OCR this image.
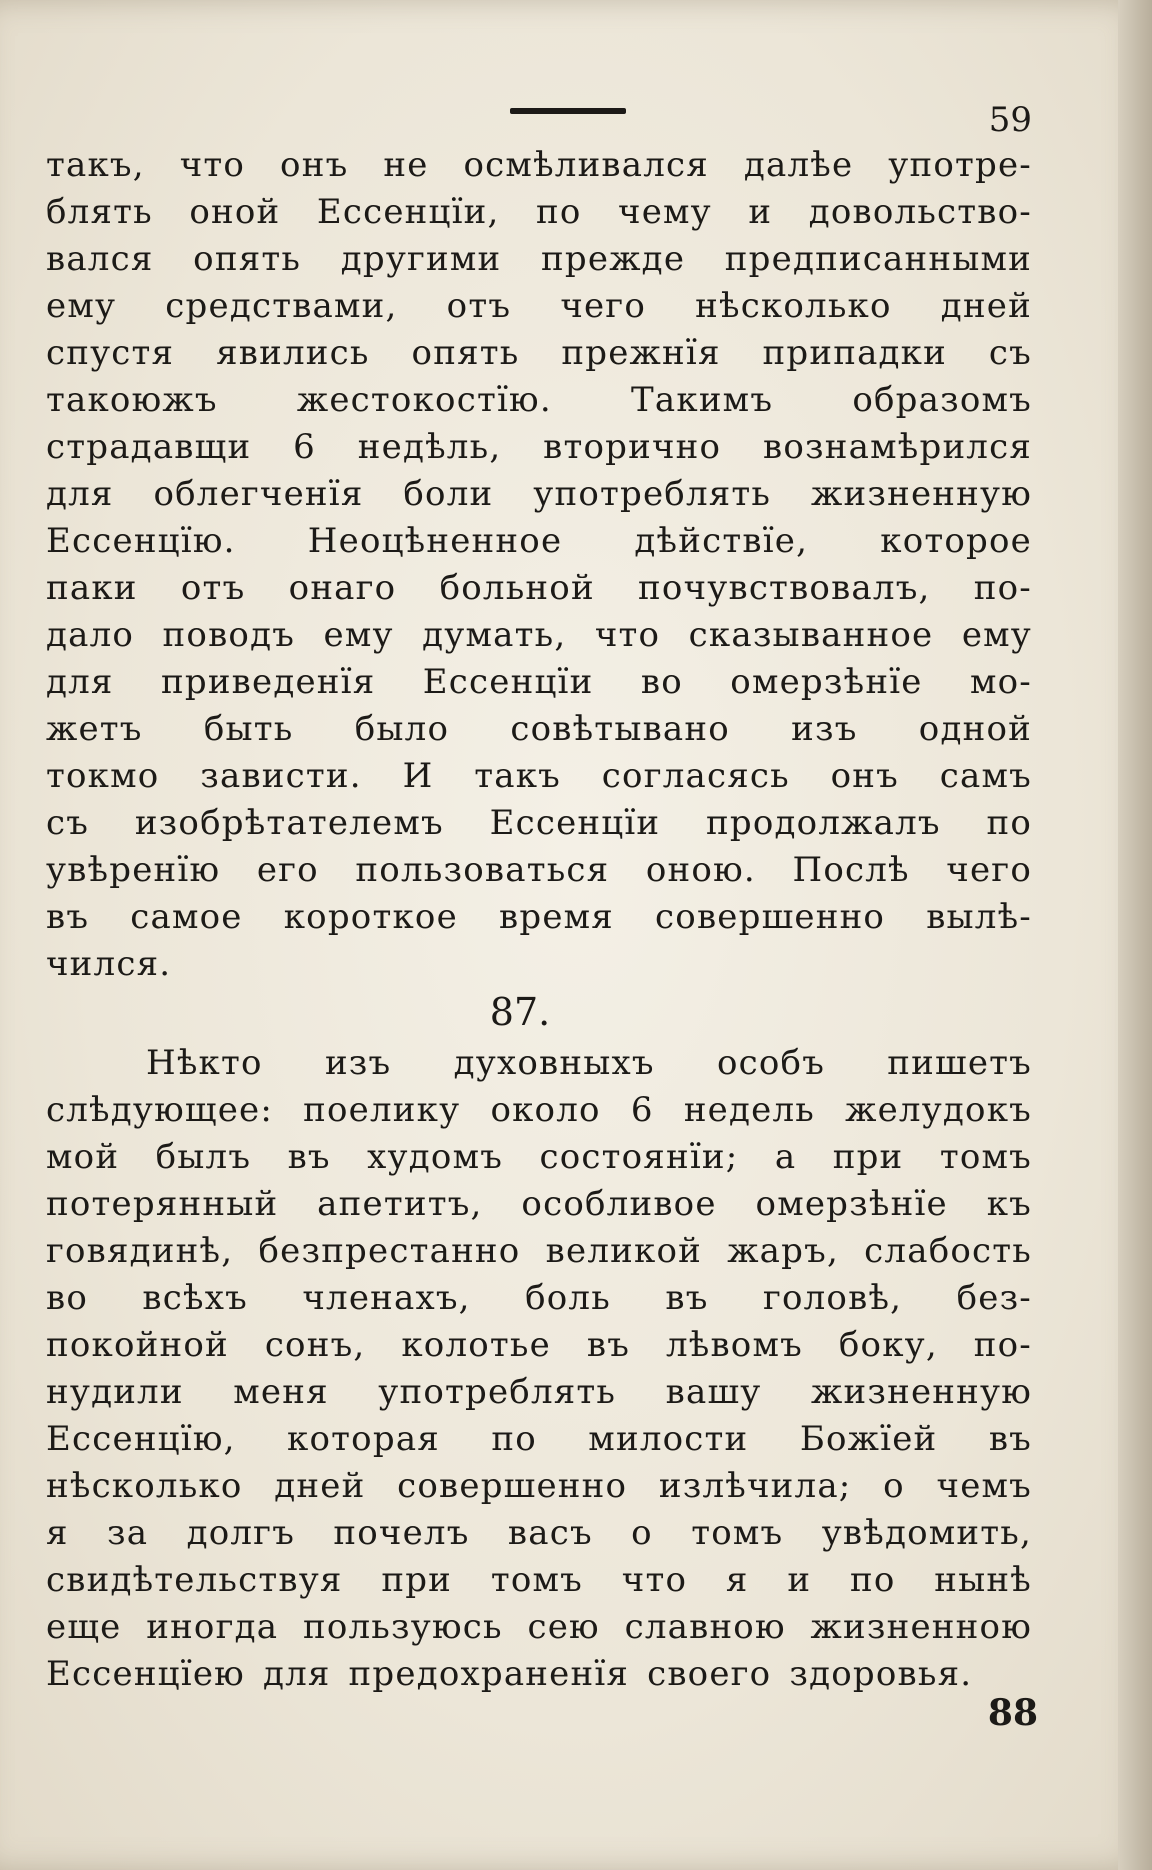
59
такъ, что онъ не осмѣливался далѣе употре-
блять оной Ессенцїи, по чему и довольство-
вался опять другими прежде предписанными
ему средствами, отъ чего нѣсколько дней
спустя явились опять прежнїя припадки съ
такоюжъ жестокостїю. Такимъ образомъ
страдавщи 6 недѣль, вторично вознамѣрился
для облегченїя боли употреблять жизненную
Ессенцїю. Неоцѣненное дѣйствїе, которое
паки отъ онаго больной почувствовалъ, по-
дало поводъ ему думать, что сказыванное ему
для приведенїя Ессенцїи во омерзѣнїе мо-
жетъ быть было совѣтывано изъ одной
токмо зависти. И такъ согласясь онъ самъ
съ изобрѣтателемъ Ессенцїи продолжалъ по
увѣренїю его пользоваться оною. Послѣ чего
въ самое короткое время совершенно вылѣ-
чился.
87.
Нѣкто изъ духовныхъ особъ пишетъ
слѣдующее: поелику около 6 недель желудокъ
мой былъ въ худомъ состоянїи; а при томъ
потерянный апетитъ, особливое омерзѣнїе къ
говядинѣ, безпрестанно великой жаръ, слабость
во всѣхъ членахъ, боль въ головѣ, без-
покойной сонъ, колотье въ лѣвомъ боку, по-
нудили меня употреблять вашу жизненную
Ессенцїю, которая по милости Божїей въ
нѣсколько дней совершенно излѣчила; о чемъ
я за долгъ почелъ васъ о томъ увѣдомить,
свидѣтельствуя при томъ что я и по нынѣ
еще иногда пользуюсь сею славною жизненною
Ессенцїею для предохраненїя своего здоровья.
88
